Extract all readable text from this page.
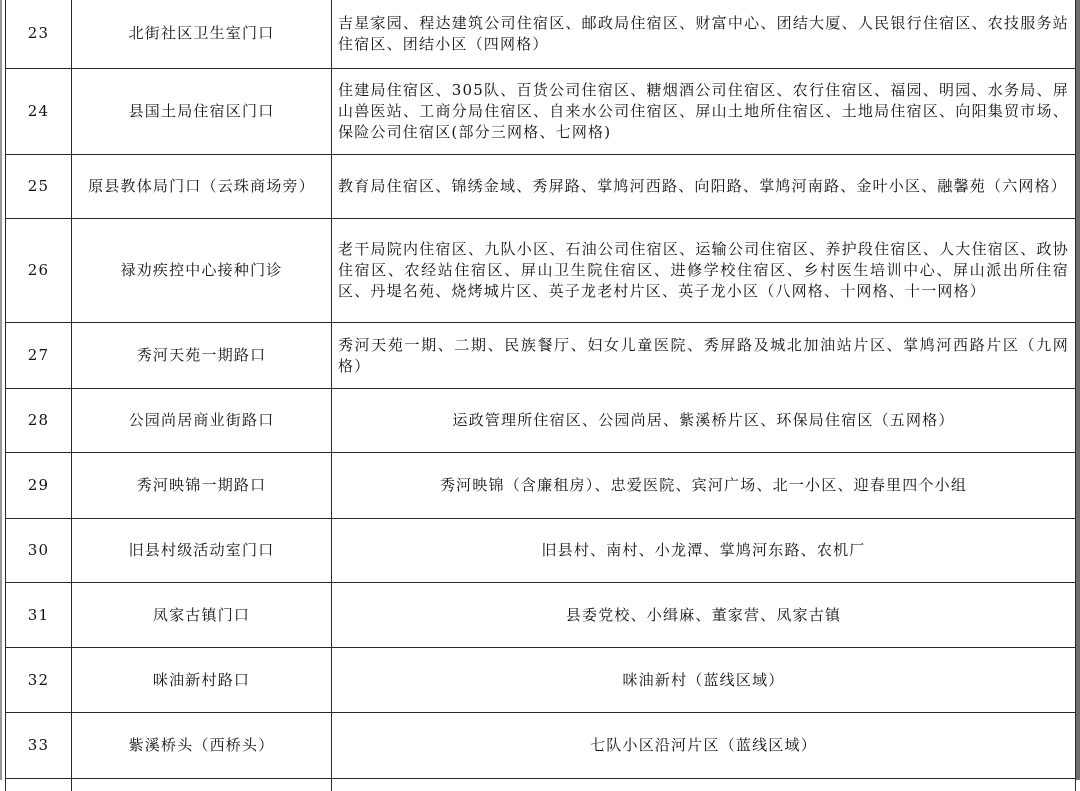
23	北街社区卫生室门口	吉星家园、程达建筑公司住宿区、邮政局住宿区、财富中心、团结大厦、人民银行住宿区、农技服务站住宿区、团结小区（四网格）
24	县国土局住宿区门口	住建局住宿区、305队、百货公司住宿区、糖烟酒公司住宿区、农行住宿区、福园、明园、水务局、屏山兽医站、工商分局住宿区、自来水公司住宿区、屏山土地所住宿区、土地局住宿区、向阳集贸市场、保险公司住宿区(部分三网格、七网格)
25	原县教体局门口（云珠商场旁）	教育局住宿区、锦绣金域、秀屏路、掌鸠河西路、向阳路、掌鸠河南路、金叶小区、融馨苑（六网格）
26	禄劝疾控中心接种门诊	老干局院内住宿区、九队小区、石油公司住宿区、运输公司住宿区、养护段住宿区、人大住宿区、政协住宿区、农经站住宿区、屏山卫生院住宿区、进修学校住宿区、乡村医生培训中心、屏山派出所住宿区、丹堤名苑、烧烤城片区、英子龙老村片区、英子龙小区（八网格、十网格、十一网格）
27	秀河天苑一期路口	秀河天苑一期、二期、民族餐厅、妇女儿童医院、秀屏路及城北加油站片区、掌鸠河西路片区（九网格）
28	公园尚居商业街路口	运政管理所住宿区、公园尚居、紫溪桥片区、环保局住宿区（五网格）
29	秀河映锦一期路口	秀河映锦（含廉租房）、忠爱医院、宾河广场、北一小区、迎春里四个小组
30	旧县村级活动室门口	旧县村、南村、小龙潭、掌鸠河东路、农机厂
31	凤家古镇门口	县委党校、小缉麻、董家营、凤家古镇
32	咪油新村路口	咪油新村（蓝线区域）
33	紫溪桥头（西桥头）	七队小区沿河片区（蓝线区域）
